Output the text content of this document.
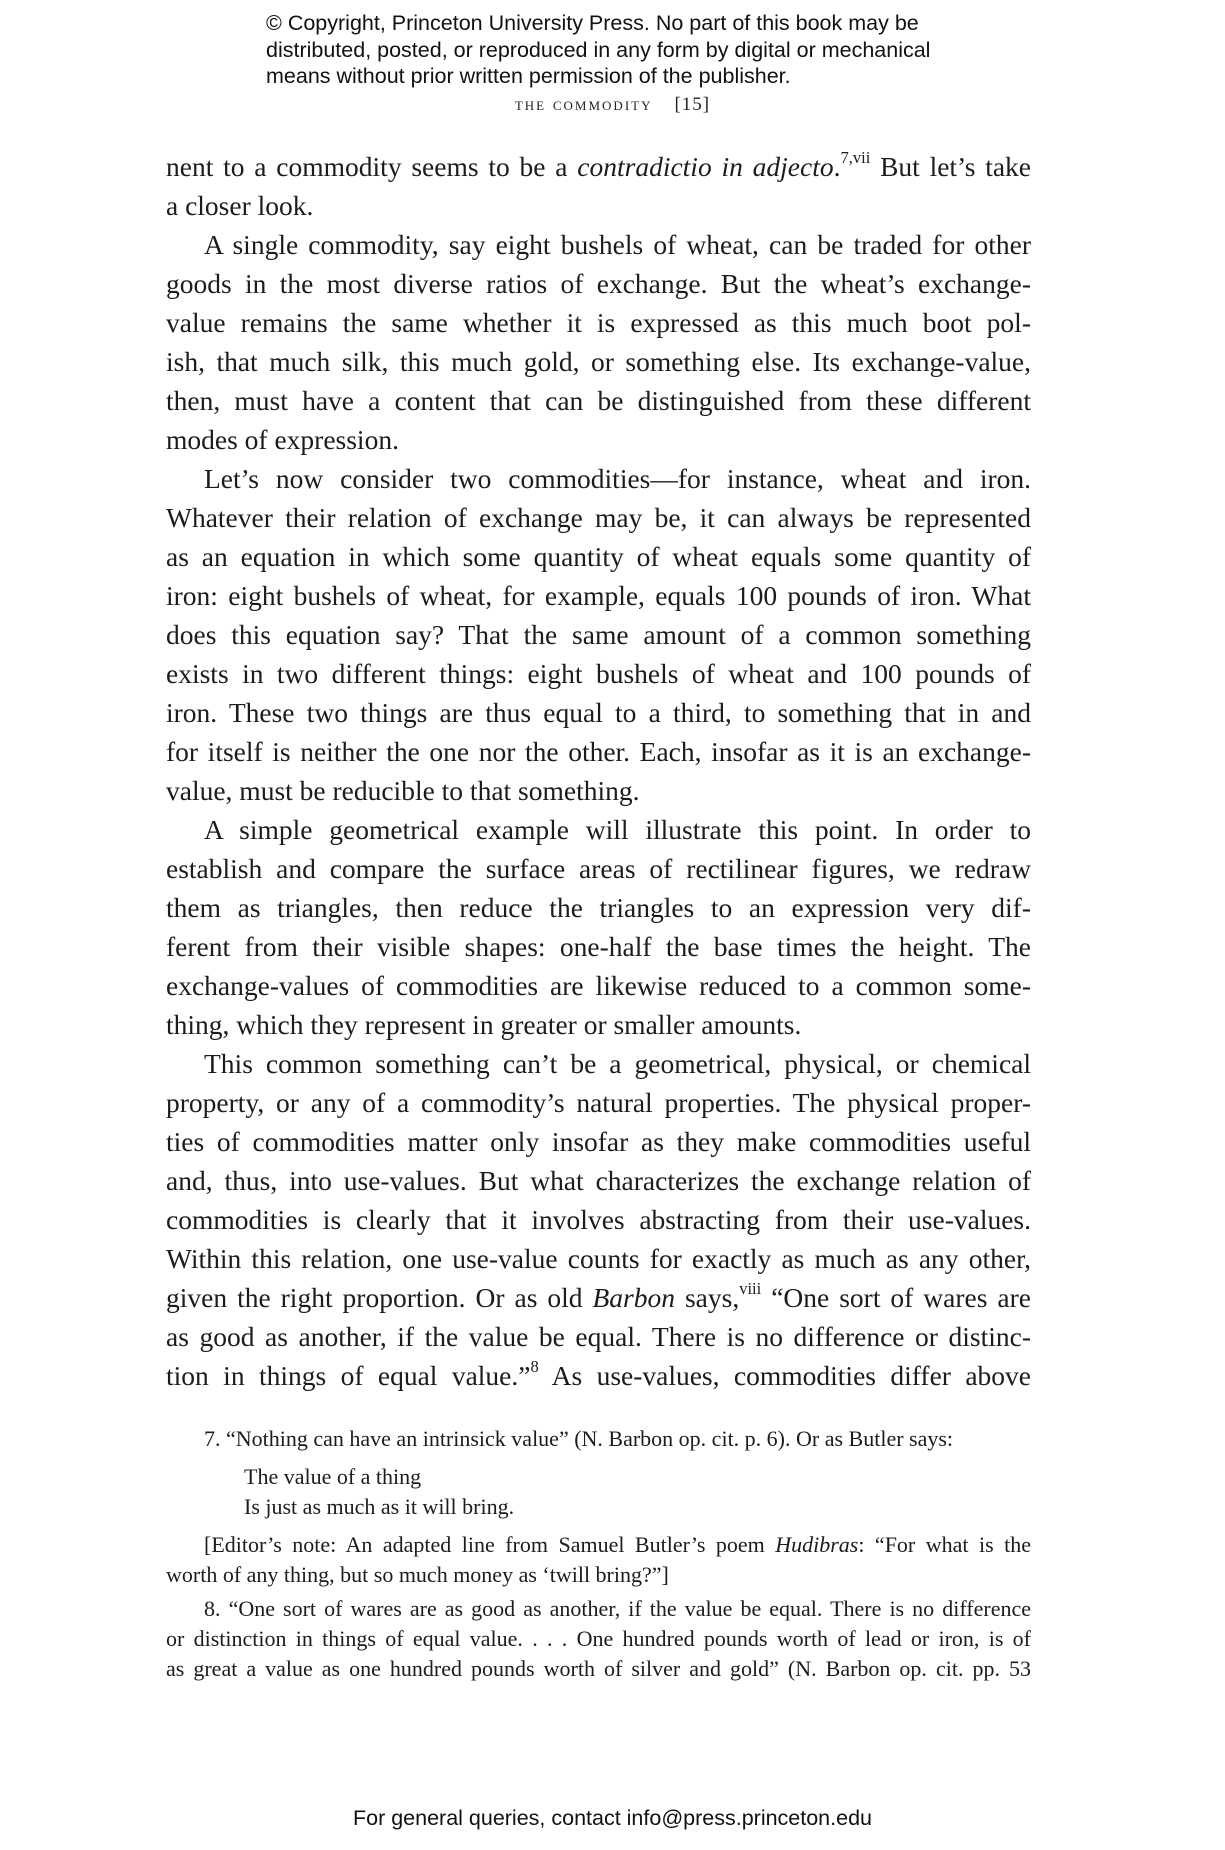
© Copyright, Princeton University Press. No part of this book may be
distributed, posted, or reproduced in any form by digital or mechanical
means without prior written permission of the publisher.
the commodity [15]
nent to a commodity seems to be a contradictio in adjecto.$^{7,vii}$ But let’s take
a closer look.
A single commodity, say eight bushels of wheat, can be traded for other
goods in the most diverse ratios of exchange. But the wheat’s exchange-
value remains the same whether it is expressed as this much boot pol-
ish, that much silk, this much gold, or something else. Its exchange-value,
then, must have a content that can be distinguished from these different
modes of expression.
Let’s now consider two commodities—for instance, wheat and iron.
Whatever their relation of exchange may be, it can always be represented
as an equation in which some quantity of wheat equals some quantity of
iron: eight bushels of wheat, for example, equals 100 pounds of iron. What
does this equation say? That the same amount of a common something
exists in two different things: eight bushels of wheat and 100 pounds of
iron. These two things are thus equal to a third, to something that in and
for itself is neither the one nor the other. Each, insofar as it is an exchange-
value, must be reducible to that something.
A simple geometrical example will illustrate this point. In order to
establish and compare the surface areas of rectilinear figures, we redraw
them as triangles, then reduce the triangles to an expression very dif-
ferent from their visible shapes: one-half the base times the height. The
exchange-values of commodities are likewise reduced to a common some-
thing, which they represent in greater or smaller amounts.
This common something can’t be a geometrical, physical, or chemical
property, or any of a commodity’s natural properties. The physical proper-
ties of commodities matter only insofar as they make commodities useful
and, thus, into use-values. But what characterizes the exchange relation of
commodities is clearly that it involves abstracting from their use-values.
Within this relation, one use-value counts for exactly as much as any other,
given the right proportion. Or as old Barbon says,$^{viii}$ “One sort of wares are
as good as another, if the value be equal. There is no difference or distinc-
tion in things of equal value.”$^8$ As use-values, commodities differ above
7. “Nothing can have an intrinsick value” (N. Barbon op. cit. p. 6). Or as Butler says:
The value of a thing
Is just as much as it will bring.
[Editor’s note: An adapted line from Samuel Butler’s poem Hudibras: “For what is the
worth of any thing, but so much money as ‘twill bring?”]
8. “One sort of wares are as good as another, if the value be equal. There is no difference
or distinction in things of equal value. . . . One hundred pounds worth of lead or iron, is of
as great a value as one hundred pounds worth of silver and gold” (N. Barbon op. cit. pp. 53
For general queries, contact info@press.princeton.edu
